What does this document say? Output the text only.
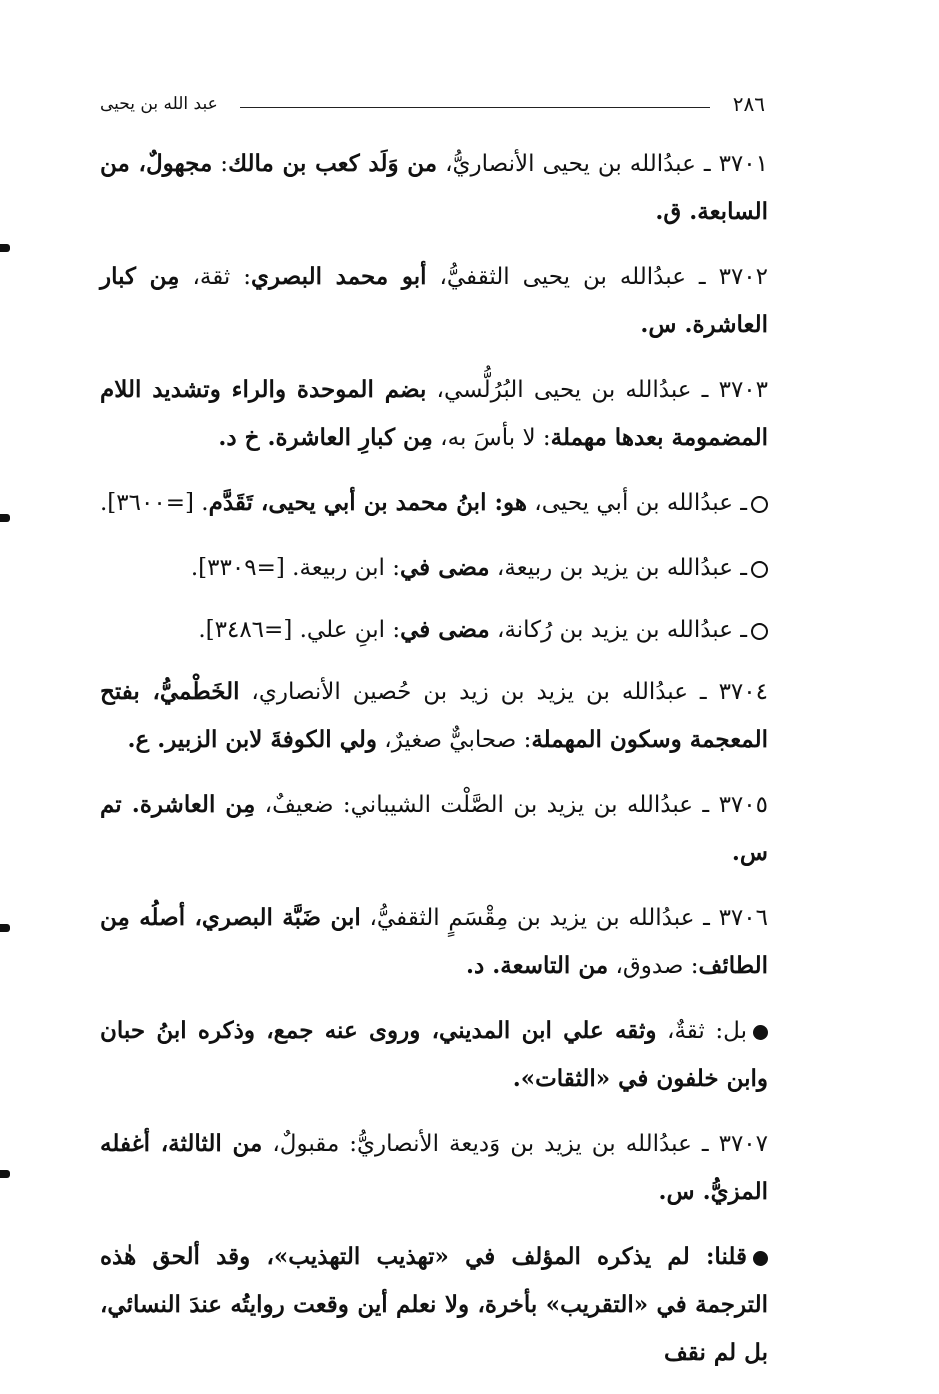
٢٨٦
عبد الله بن يحيى

٣٧٠١ ـ عبدُالله بن يحيى الأنصاريُّ، من وَلَد كعب بن مالك: مجهولٌ، من السابعة. ق.

٣٧٠٢ ـ عبدُالله بن يحيى الثقفيُّ، أبو محمد البصري: ثقة، مِن كبار العاشرة. س.

٣٧٠٣ ـ عبدُالله بن يحيى البُرُلُّسي، بضم الموحدة والراء وتشديد اللام المضمومة بعدها مهملة: لا بأسَ به، مِن كبارِ العاشرة. خ د.

ـ عبدُالله بن أبي يحيى، هو: ابنُ محمد بن أبي يحيى، تَقَدَّم. [=٣٦٠٠].

ـ عبدُالله بن يزيد بن ربيعة، مضى في: ابن ربيعة. [=٣٣٠٩].

ـ عبدُالله بن يزيد بن رُكانة، مضى في: ابنِ علي. [=٣٤٨٦].

٣٧٠٤ ـ عبدُالله بن يزيد بن زيد بن حُصين الأنصاري، الخَطْميُّ، بفتح المعجمة وسكون المهملة: صحابيٌّ صغيرٌ، ولي الكوفةَ لابن الزبير. ع.

٣٧٠٥ ـ عبدُالله بن يزيد بن الصَّلْت الشيباني: ضعيفٌ، مِن العاشرة. تم س.

٣٧٠٦ ـ عبدُالله بن يزيد بن مِقْسَمٍ الثقفيُّ، ابن ضَبَّة البصري، أصلُه مِن الطائف: صدوق، من التاسعة. د.

بل: ثقةٌ، وثقه علي ابن المديني، وروى عنه جمع، وذكره ابنُ حبان وابن خلفون في «الثقات».

٣٧٠٧ ـ عبدُالله بن يزيد بن وَديعة الأنصاريُّ: مقبولٌ، من الثالثة، أغفله المزيُّ. س.

قلنا: لم يذكره المؤلف في «تهذيب التهذيب»، وقد ألحق هٰذه الترجمة في «التقريب» بأخرة، ولا نعلم أين وقعت روايتُه عندَ النسائي، بل لم نقف
